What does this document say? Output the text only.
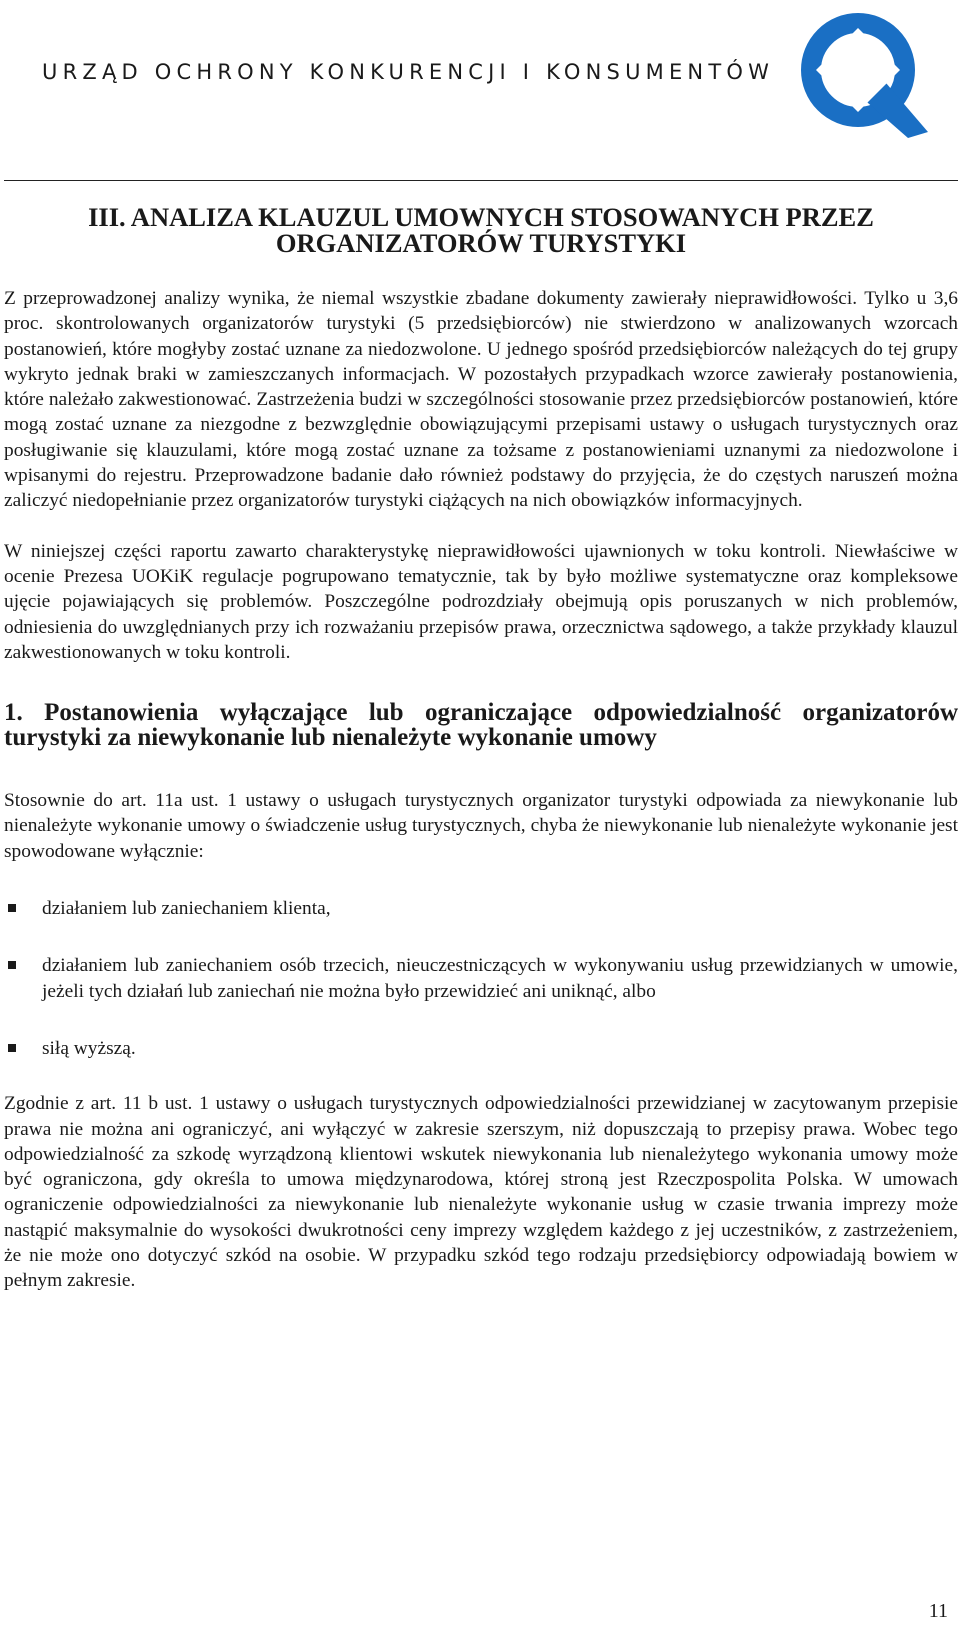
URZĄD OCHRONY KONKURENCJI I KONSUMENTÓW
III. ANALIZA KLAUZUL UMOWNYCH STOSOWANYCH PRZEZ ORGANIZATORÓW TURYSTYKI

Z przeprowadzonej analizy wynika, że niemal wszystkie zbadane dokumenty zawierały nieprawidłowości. Tylko u 3,6 proc. skontrolowanych organizatorów turystyki (5 przedsiębiorców) nie stwierdzono w analizowanych wzorcach postanowień, które mogłyby zostać uznane za niedozwolone. U jednego spośród przedsiębiorców należących do tej grupy wykryto jednak braki w zamieszczanych informacjach. W pozostałych przypadkach wzorce zawierały postanowienia, które należało zakwestionować. Zastrzeżenia budzi w szczególności stosowanie przez przedsiębiorców postanowień, które mogą zostać uznane za niezgodne z bezwzględnie obowiązującymi przepisami ustawy o usługach turystycznych oraz posługiwanie się klauzulami, które mogą zostać uznane za tożsame z postanowieniami uznanymi za niedozwolone i wpisanymi do rejestru. Przeprowadzone badanie dało również podstawy do przyjęcia, że do częstych naruszeń można zaliczyć niedopełnianie przez organizatorów turystyki ciążących na nich obowiązków informacyjnych.

W niniejszej części raportu zawarto charakterystykę nieprawidłowości ujawnionych w toku kontroli. Niewłaściwe w ocenie Prezesa UOKiK regulacje pogrupowano tematycznie, tak by było możliwe systematyczne oraz kompleksowe ujęcie pojawiających się problemów. Poszczególne podrozdziały obejmują opis poruszanych w nich problemów, odniesienia do uwzględnianych przy ich rozważaniu przepisów prawa, orzecznictwa sądowego, a także przykłady klauzul zakwestionowanych w toku kontroli.

1. Postanowienia wyłączające lub ograniczające odpowiedzialność organizatorów turystyki za niewykonanie lub nienależyte wykonanie umowy

Stosownie do art. 11a ust. 1 ustawy o usługach turystycznych organizator turystyki odpowiada za niewykonanie lub nienależyte wykonanie umowy o świadczenie usług turystycznych, chyba że niewykonanie lub nienależyte wykonanie jest spowodowane wyłącznie:

działaniem lub zaniechaniem klienta,
działaniem lub zaniechaniem osób trzecich, nieuczestniczących w wykonywaniu usług przewidzianych w umowie, jeżeli tych działań lub zaniechań nie można było przewidzieć ani uniknąć, albo
siłą wyższą.

Zgodnie z art. 11 b ust. 1 ustawy o usługach turystycznych odpowiedzialności przewidzianej w zacytowanym przepisie prawa nie można ani ograniczyć, ani wyłączyć w zakresie szerszym, niż dopuszczają to przepisy prawa. Wobec tego odpowiedzialność za szkodę wyrządzoną klientowi wskutek niewykonania lub nienależytego wykonania umowy może być ograniczona, gdy określa to umowa międzynarodowa, której stroną jest Rzeczpospolita Polska. W umowach ograniczenie odpowiedzialności za niewykonanie lub nienależyte wykonanie usług w czasie trwania imprezy może nastąpić maksymalnie do wysokości dwukrotności ceny imprezy względem każdego z jej uczestników, z zastrzeżeniem, że nie może ono dotyczyć szkód na osobie. W przypadku szkód tego rodzaju przedsiębiorcy odpowiadają bowiem w pełnym zakresie.

11
